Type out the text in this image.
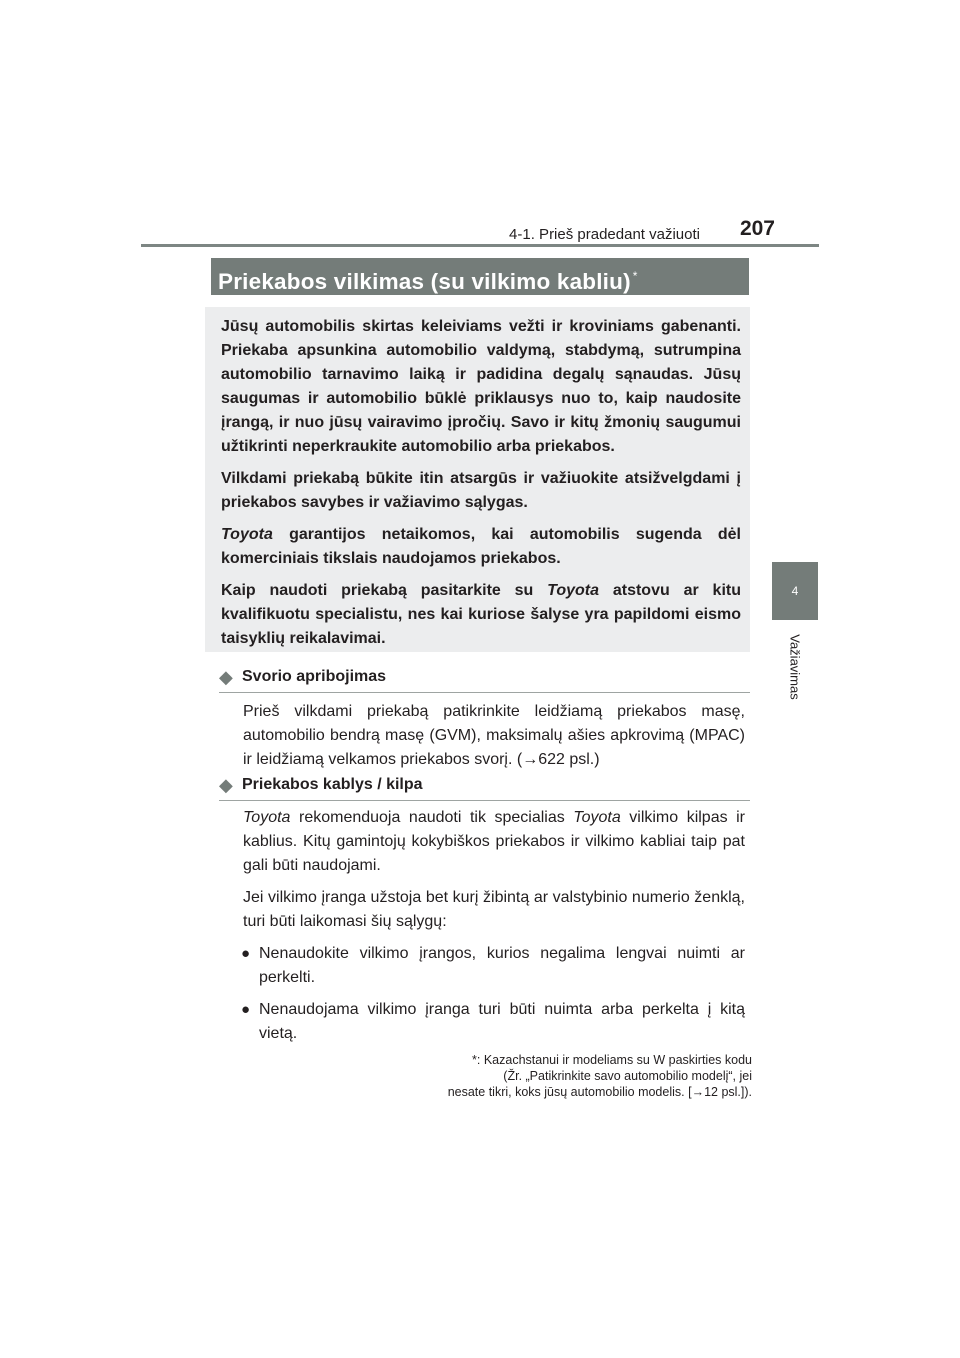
4-1. Prieš pradedant važiuoti	207
4
Važiavimas
Priekabos vilkimas (su vilkimo kabliu) *

Jūsų automobilis skirtas keleiviams vežti ir kroviniams gabenanti. Priekaba apsunkina automobilio valdymą, stabdymą, sutrumpina automobilio tarnavimo laiką ir padidina degalų sąnaudas. Jūsų saugumas ir automobilio būklė priklausys nuo to, kaip naudosite įrangą, ir nuo jūsų vairavimo įpročių. Savo ir kitų žmonių saugumui užtikrinti neperkraukite automobilio arba priekabos.

Vilkdami priekabą būkite itin atsargūs ir važiuokite atsižvelgdami į priekabos savybes ir važiavimo sąlygas.

Toyota garantijos netaikomos, kai automobilis sugenda dėl komerciniais tikslais naudojamos priekabos.

Kaip naudoti priekabą pasitarkite su Toyota atstovu ar kitu kvalifikuotu specialistu, nes kai kuriose šalyse yra papildomi eismo taisyklių reikalavimai.

◆ Svorio apribojimas

Prieš vilkdami priekabą patikrinkite leidžiamą priekabos masę, automobilio bendrą masę (GVM), maksimalų ašies apkrovimą (MPAC) ir leidžiamą velkamos priekabos svorį. (→622 psl.)

◆ Priekabos kablys / kilpa

Toyota rekomenduoja naudoti tik specialias Toyota vilkimo kilpas ir kablius. Kitų gamintojų kokybiškos priekabos ir vilkimo kabliai taip pat gali būti naudojami.

Jei vilkimo įranga užstoja bet kurį žibintą ar valstybinio numerio ženklą, turi būti laikomasi šių sąlygų:

● Nenaudokite vilkimo įrangos, kurios negalima lengvai nuimti ar perkelti.
● Nenaudojama vilkimo įranga turi būti nuimta arba perkelta į kitą vietą.
*: Kazachstanui ir modeliams su W paskirties kodu
(Žr. „Patikrinkite savo automobilio modelį“, jei
nesate tikri, koks jūsų automobilio modelis. [→12 psl.]).
